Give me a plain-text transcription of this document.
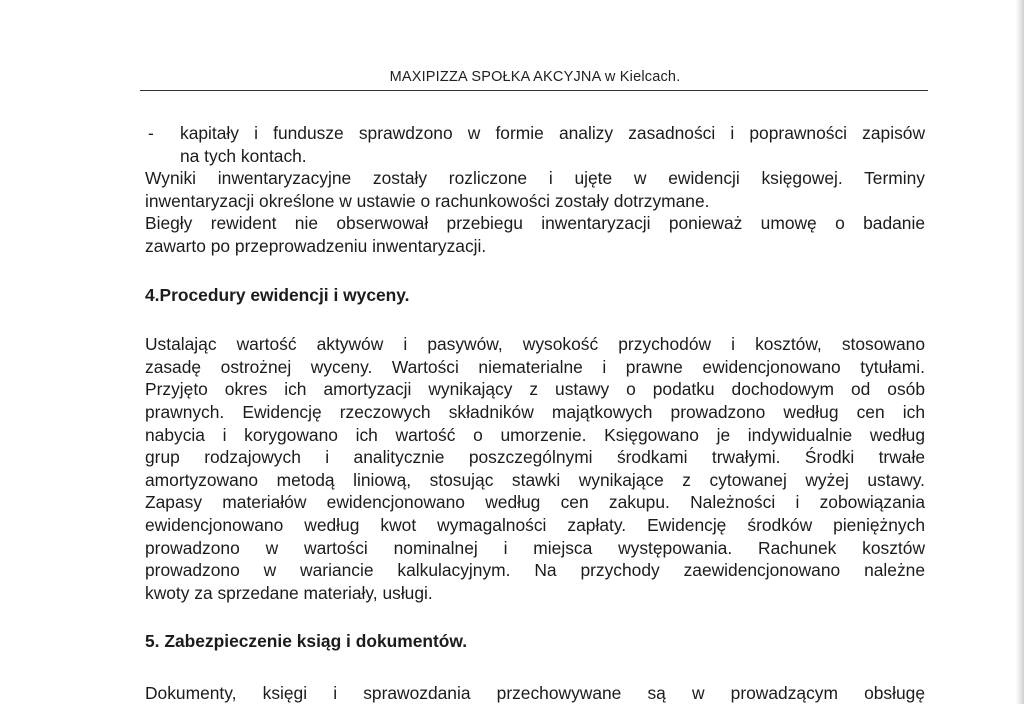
MAXIPIZZA SPOŁKA AKCYJNA w Kielcach.
- kapitały i fundusze sprawdzono w formie analizy zasadności i poprawności zapisów
na tych kontach.

Wyniki inwentaryzacyjne zostały rozliczone i ujęte w ewidencji księgowej. Terminy
inwentaryzacji określone w ustawie o rachunkowości zostały dotrzymane.

Biegły rewident nie obserwował przebiegu inwentaryzacji ponieważ umowę o badanie
zawarto po przeprowadzeniu inwentaryzacji.

4.Procedury ewidencji i wyceny.

Ustalając wartość aktywów i pasywów, wysokość przychodów i kosztów, stosowano
zasadę ostrożnej wyceny. Wartości niematerialne i prawne ewidencjonowano tytułami.
Przyjęto okres ich amortyzacji wynikający z ustawy o podatku dochodowym od osób
prawnych. Ewidencję rzeczowych składników majątkowych prowadzono według cen ich
nabycia i korygowano ich wartość o umorzenie. Księgowano je indywidualnie według
grup rodzajowych i analitycznie poszczególnymi środkami trwałymi. Środki trwałe
amortyzowano metodą liniową, stosując stawki wynikające z cytowanej wyżej ustawy.
Zapasy materiałów ewidencjonowano według cen zakupu. Należności i zobowiązania
ewidencjonowano według kwot wymagalności zapłaty. Ewidencję środków pieniężnych
prowadzono w wartości nominalnej i miejsca występowania. Rachunek kosztów
prowadzono w wariancie kalkulacyjnym. Na przychody zaewidencjonowano należne
kwoty za sprzedane materiały, usługi.

5. Zabezpieczenie ksiąg i dokumentów.

Dokumenty, księgi i sprawozdania przechowywane są w prowadzącym obsługę
